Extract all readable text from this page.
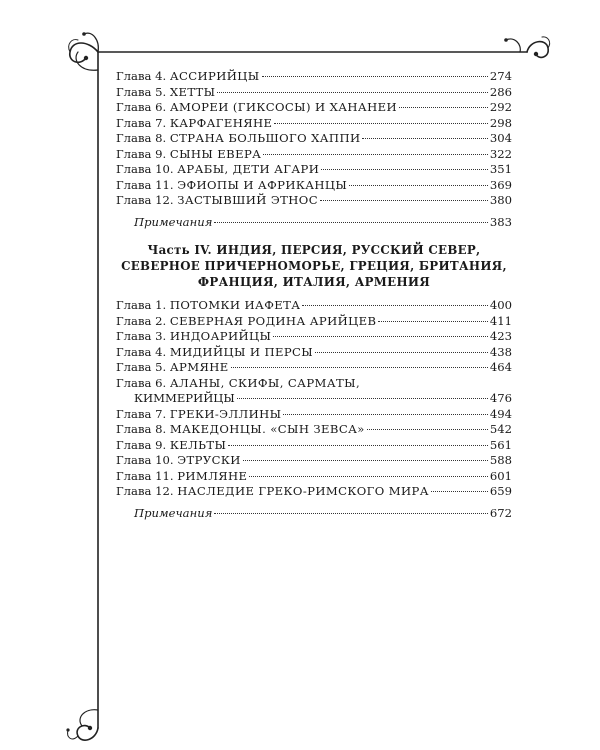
Глава 4. АССИРИЙЦЫ	274
Глава 5. ХЕТТЫ	286
Глава 6. АМОРЕИ (ГИКСОСЫ) И ХАНАНЕИ	292
Глава 7. КАРФАГЕНЯНЕ	298
Глава 8. СТРАНА БОЛЬШОГО ХАППИ	304
Глава 9. СЫНЫ ЕВЕРА	322
Глава 10. АРАБЫ, ДЕТИ АГАРИ	351
Глава 11. ЭФИОПЫ И АФРИКАНЦЫ	369
Глава 12. ЗАСТЫВШИЙ ЭТНОС	380
Примечания	383
Часть IV. ИНДИЯ, ПЕРСИЯ, РУССКИЙ СЕВЕР,
СЕВЕРНОЕ ПРИЧЕРНОМОРЬЕ, ГРЕЦИЯ, БРИТАНИЯ,
ФРАНЦИЯ, ИТАЛИЯ, АРМЕНИЯ
Глава 1. ПОТОМКИ ИАФЕТА	400
Глава 2. СЕВЕРНАЯ РОДИНА АРИЙЦЕВ	411
Глава 3. ИНДОАРИЙЦЫ	423
Глава 4. МИДИЙЦЫ И ПЕРСЫ	438
Глава 5. АРМЯНЕ	464
Глава 6. АЛАНЫ, СКИФЫ, САРМАТЫ,
КИММЕРИЙЦЫ	476
Глава 7. ГРЕКИ-ЭЛЛИНЫ	494
Глава 8. МАКЕДОНЦЫ. «СЫН ЗЕВСА»	542
Глава 9. КЕЛЬТЫ	561
Глава 10. ЭТРУСКИ	588
Глава 11. РИМЛЯНЕ	601
Глава 12. НАСЛЕДИЕ ГРЕКО-РИМСКОГО МИРА	659
Примечания	672
